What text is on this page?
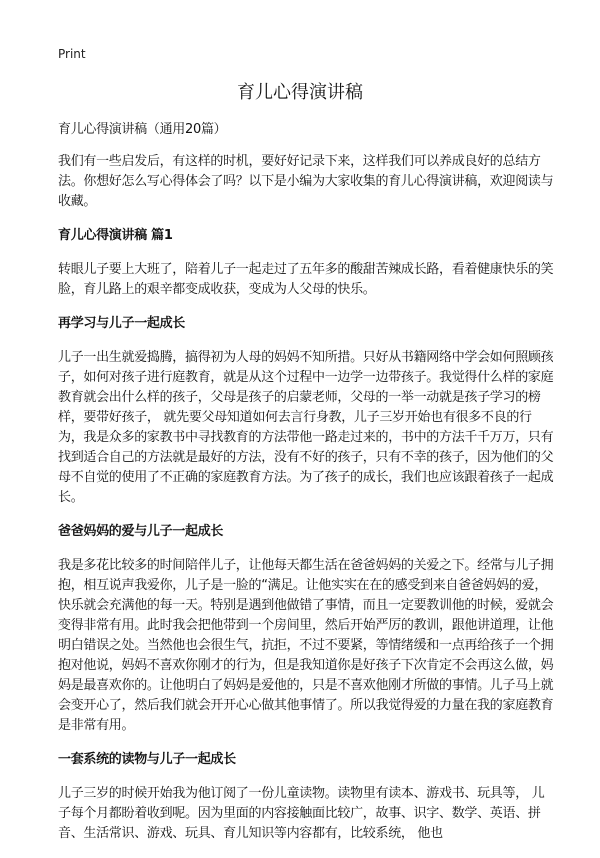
Print
育儿心得演讲稿

育儿心得演讲稿（通用20篇）

我们有一些启发后，有这样的时机，要好好记录下来，这样我们可以养成良好的总结方法。你想好怎么写心得体会了吗？以下是小编为大家收集的育儿心得演讲稿，欢迎阅读与收藏。

育儿心得演讲稿 篇1

转眼儿子要上大班了，陪着儿子一起走过了五年多的酸甜苦辣成长路，看着健康快乐的笑脸，育儿路上的艰辛都变成收获，变成为人父母的快乐。

再学习与儿子一起成长

儿子一出生就爱捣腾，搞得初为人母的妈妈不知所措。只好从书籍网络中学会如何照顾孩子，如何对孩子进行庭教育，就是从这个过程中一边学一边带孩子。我觉得什么样的家庭教育就会出什么样的孩子，父母是孩子的启蒙老师，父母的一举一动就是孩子学习的榜样，要带好孩子， 就先要父母知道如何去言行身教，儿子三岁开始也有很多不良的行为，我是众多的家教书中寻找教育的方法带他一路走过来的，书中的方法千千万万，只有找到适合自己的方法就是最好的方法，没有不好的孩子，只有不幸的孩子，因为他们的父母不自觉的使用了不正确的家庭教育方法。为了孩子的成长，我们也应该跟着孩子一起成长。

爸爸妈妈的爱与儿子一起成长

我是多花比较多的时间陪伴儿子，让他每天都生活在爸爸妈妈的关爱之下。经常与儿子拥抱，相互说声我爱你，儿子是一脸的“满足。让他实实在在的感受到来自爸爸妈妈的爱，快乐就会充满他的每一天。特别是遇到他做错了事情，而且一定要教训他的时候，爱就会变得非常有用。此时我会把他带到一个房间里，然后开始严厉的教训，跟他讲道理，让他明白错误之处。当然他也会很生气，抗拒，不过不要紧，等情绪缓和一点再给孩子一个拥抱对他说，妈妈不喜欢你刚才的行为，但是我知道你是好孩子下次肯定不会再这么做，妈妈是最喜欢你的。让他明白了妈妈是爱他的，只是不喜欢他刚才所做的事情。儿子马上就会变开心了，然后我们就会开开心心做其他事情了。所以我觉得爱的力量在我的家庭教育是非常有用。

一套系统的读物与儿子一起成长

儿子三岁的时候开始我为他订阅了一份儿童读物。读物里有读本、游戏书、玩具等， 儿子每个月都盼着收到呢。因为里面的内容接触面比较广，故事、识字、数学、英语、拼音、生活常识、游戏、玩具、育儿知识等内容都有，比较系统， 他也
